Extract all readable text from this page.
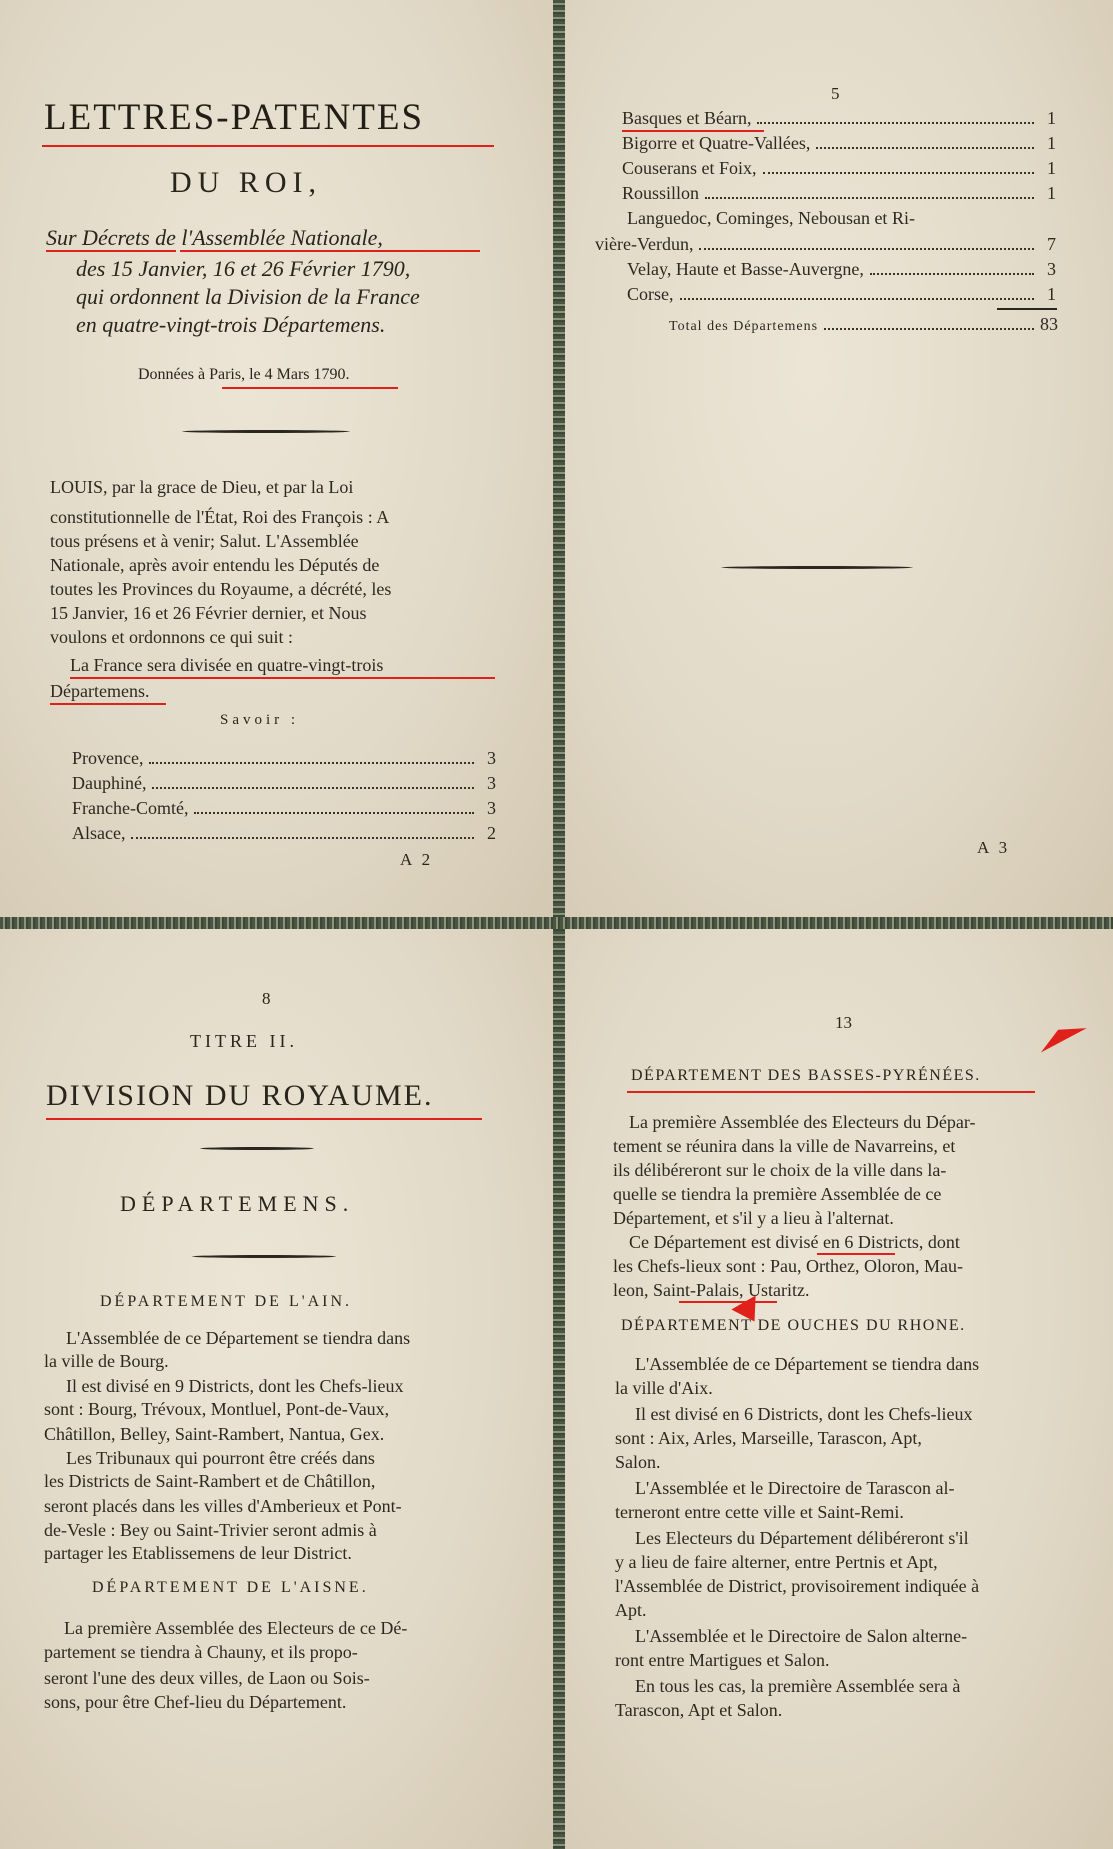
LETTRES-PATENTES
DU ROI,
Sur Décrets de l'Assemblée Nationale,
des 15 Janvier, 16 et 26 Février 1790,
qui ordonnent la Division de la France
en quatre-vingt-trois Départemens.
Données à Paris, le 4 Mars 1790.
LOUIS, par la grace de Dieu, et par la Loi
constitutionnelle de l'État, Roi des François : A
tous présens et à venir; Salut. L'Assemblée
Nationale, après avoir entendu les Députés de
toutes les Provinces du Royaume, a décrété, les
15 Janvier, 16 et 26 Février dernier, et Nous
voulons et ordonnons ce qui suit :
La France sera divisée en quatre-vingt-trois
Départemens.
Savoir :
Provence,	3
Dauphiné,	3
Franche-Comté,	3
Alsace,	2
A 2
5
Basques et Béarn,	1
Bigorre et Quatre-Vallées,	1
Couserans et Foix,	1
Roussillon	1
Languedoc, Cominges, Nebousan et Ri-
vière-Verdun,	7
Velay, Haute et Basse-Auvergne,	3
Corse,	1
Total des Départemens	83
A 3
8
TITRE II.
DIVISION DU ROYAUME.
DÉPARTEMENS.
DÉPARTEMENT DE L'AIN.
L'Assemblée de ce Département se tiendra dans
la ville de Bourg.
Il est divisé en 9 Districts, dont les Chefs-lieux
sont : Bourg, Trévoux, Montluel, Pont-de-Vaux,
Châtillon, Belley, Saint-Rambert, Nantua, Gex.
Les Tribunaux qui pourront être créés dans
les Districts de Saint-Rambert et de Châtillon,
seront placés dans les villes d'Amberieux et Pont-
de-Vesle : Bey ou Saint-Trivier seront admis à
partager les Etablissemens de leur District.
DÉPARTEMENT DE L'AISNE.
La première Assemblée des Electeurs de ce Dé-
partement se tiendra à Chauny, et ils propo-
seront l'une des deux villes, de Laon ou Sois-
sons, pour être Chef-lieu du Département.
13
DÉPARTEMENT DES BASSES-PYRÉNÉES.
La première Assemblée des Electeurs du Dépar-
tement se réunira dans la ville de Navarreins, et
ils délibéreront sur le choix de la ville dans la-
quelle se tiendra la première Assemblée de ce
Département, et s'il y a lieu à l'alternat.
Ce Département est divisé en 6 Districts, dont
les Chefs-lieux sont : Pau, Orthez, Oloron, Mau-
leon, Saint-Palais, Ustaritz.
DÉPARTEMENT DE OUCHES DU RHONE.
L'Assemblée de ce Département se tiendra dans
la ville d'Aix.
Il est divisé en 6 Districts, dont les Chefs-lieux
sont : Aix, Arles, Marseille, Tarascon, Apt,
Salon.
L'Assemblée et le Directoire de Tarascon al-
terneront entre cette ville et Saint-Remi.
Les Electeurs du Département délibéreront s'il
y a lieu de faire alterner, entre Pertnis et Apt,
l'Assemblée de District, provisoirement indiquée à
Apt.
L'Assemblée et le Directoire de Salon alterne-
ront entre Martigues et Salon.
En tous les cas, la première Assemblée sera à
Tarascon, Apt et Salon.
